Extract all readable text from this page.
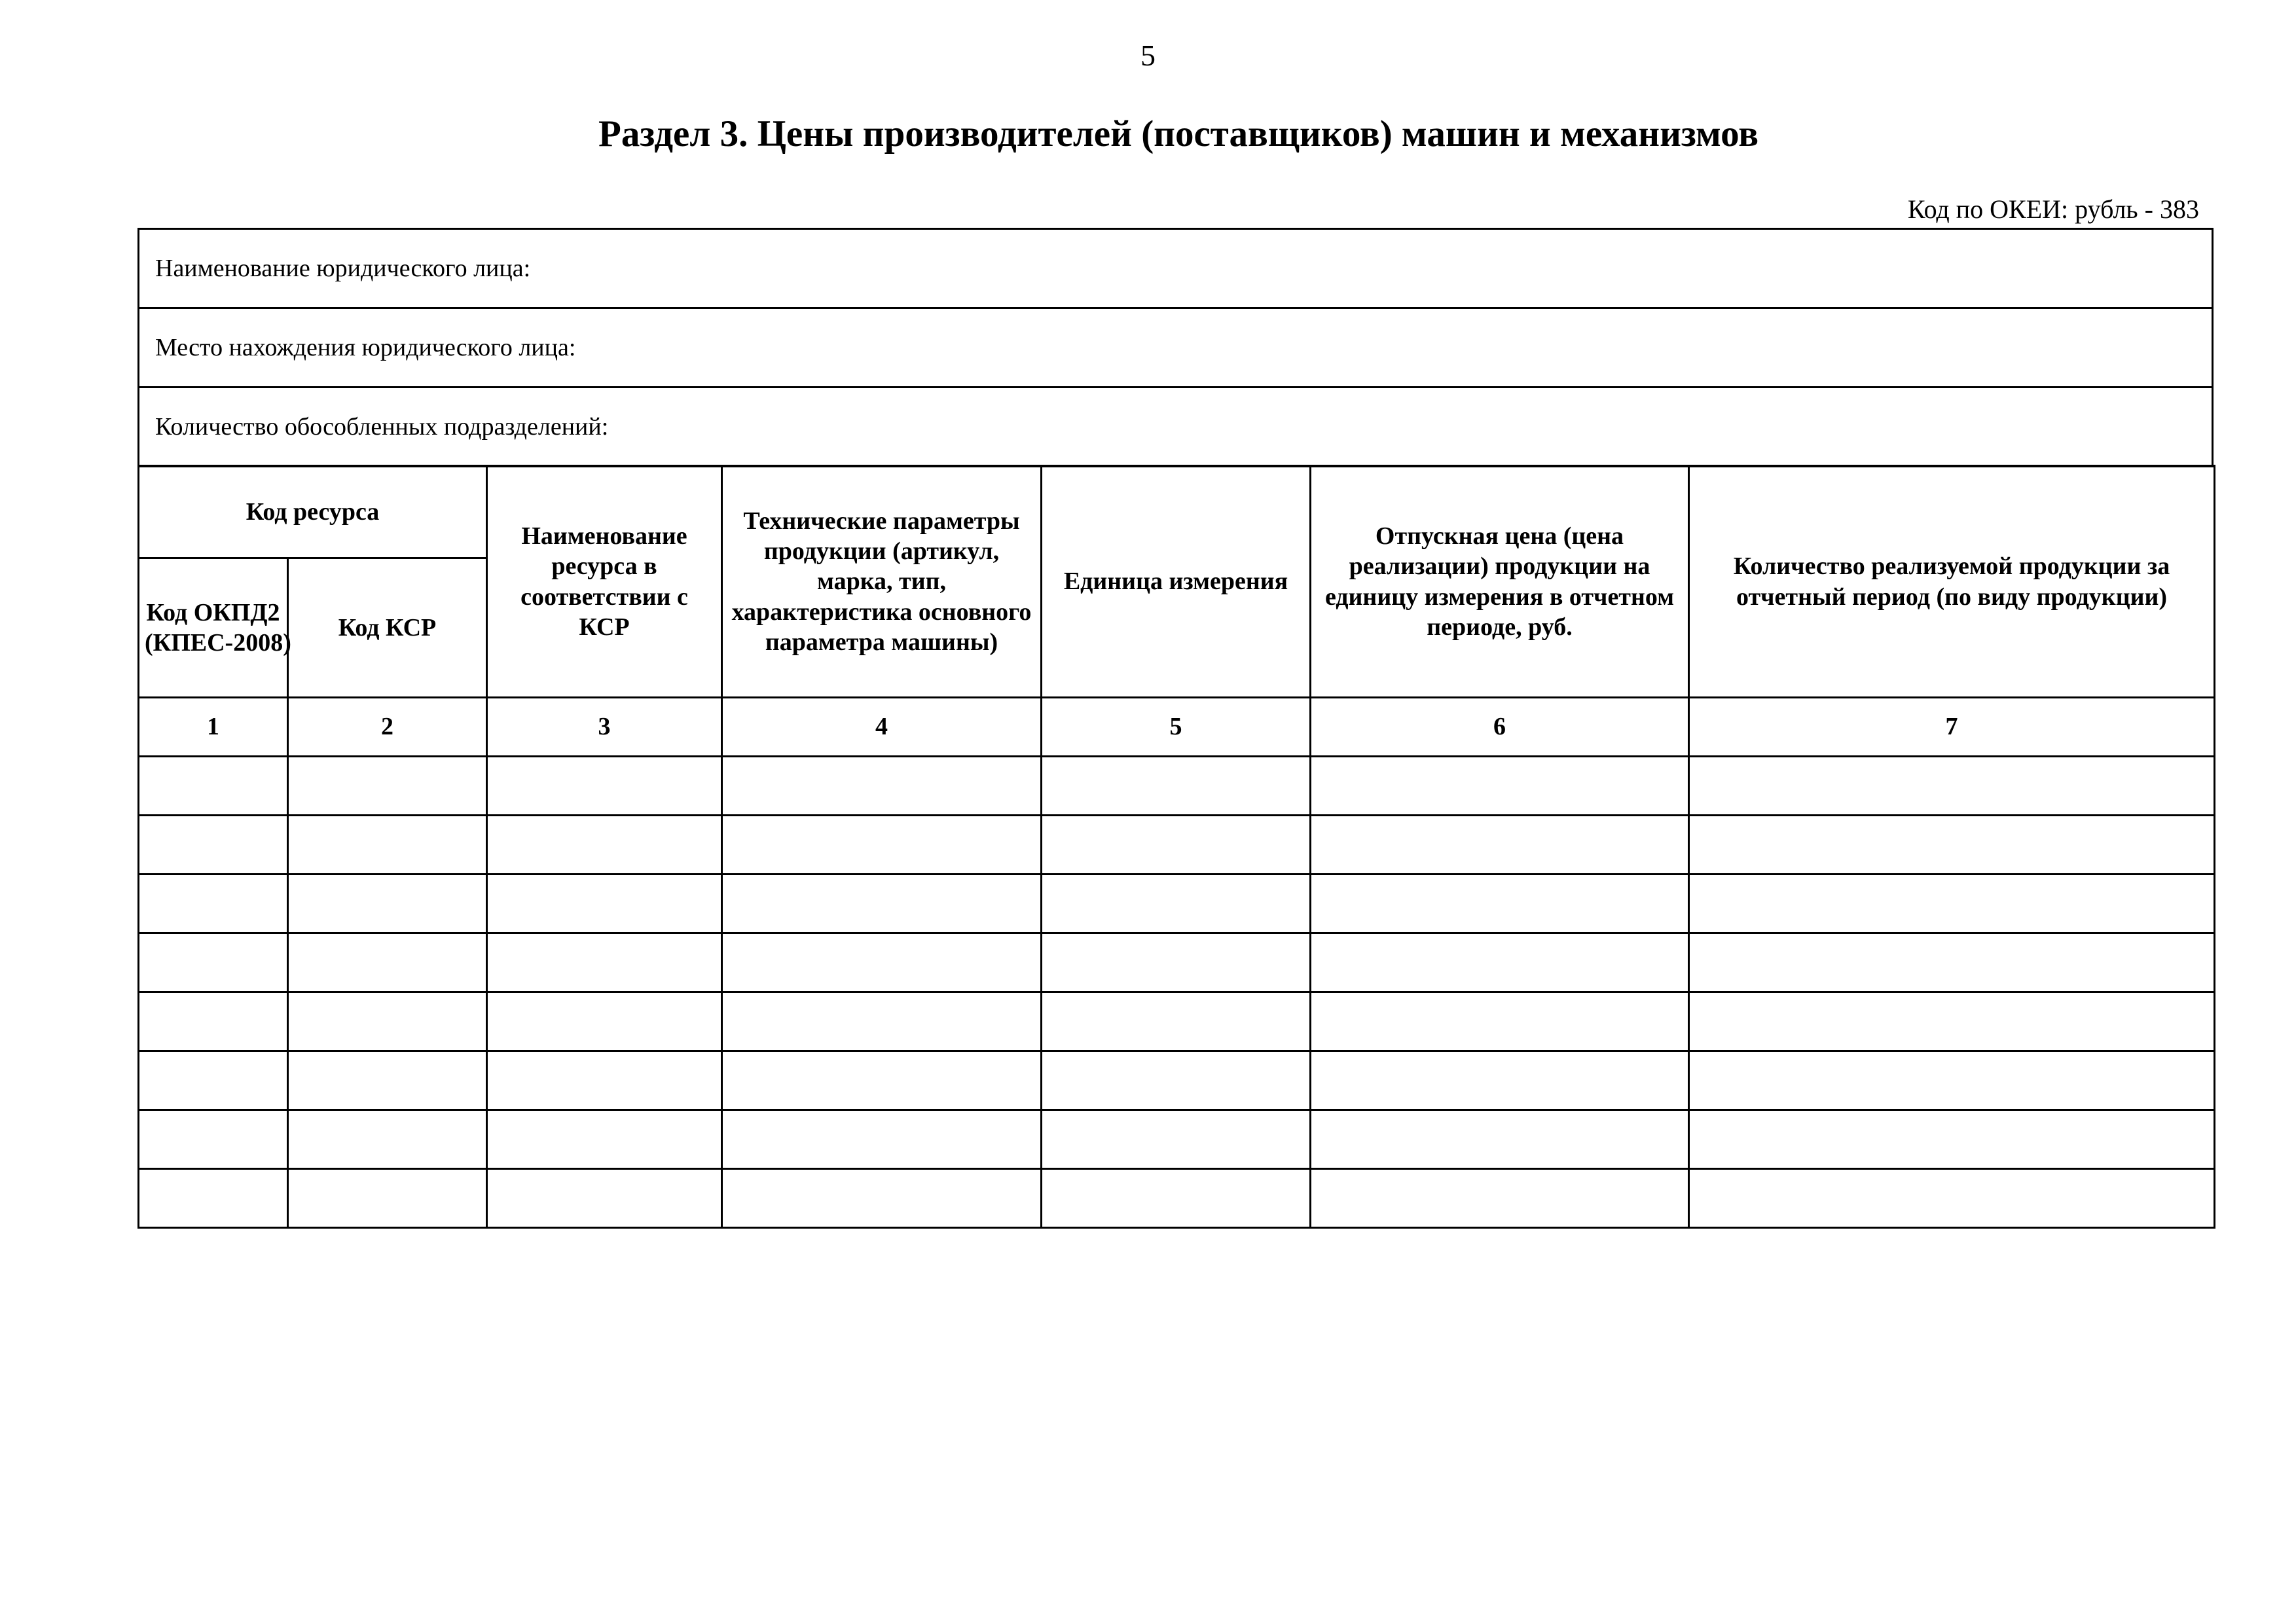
5
Раздел 3. Цены производителей (поставщиков) машин и механизмов
Код по ОКЕИ: рубль - 383
Наименование юридического лица:
Место нахождения юридического лица:
Количество обособленных подразделений:
Код ресурса		Наименование ресурса в соответствии с КСР	Технические параметры продукции (артикул, марка, тип, характеристика основного параметра машины)	Единица измерения	Отпускная цена (цена реализации) продукции на единицу измерения в отчетном периоде, руб.	Количество реализуемой продукции за отчетный период (по виду продукции)
Код ОКПД2 (КПЕС-2008)	Код КСР					
1	2	3	4	5	6	7
